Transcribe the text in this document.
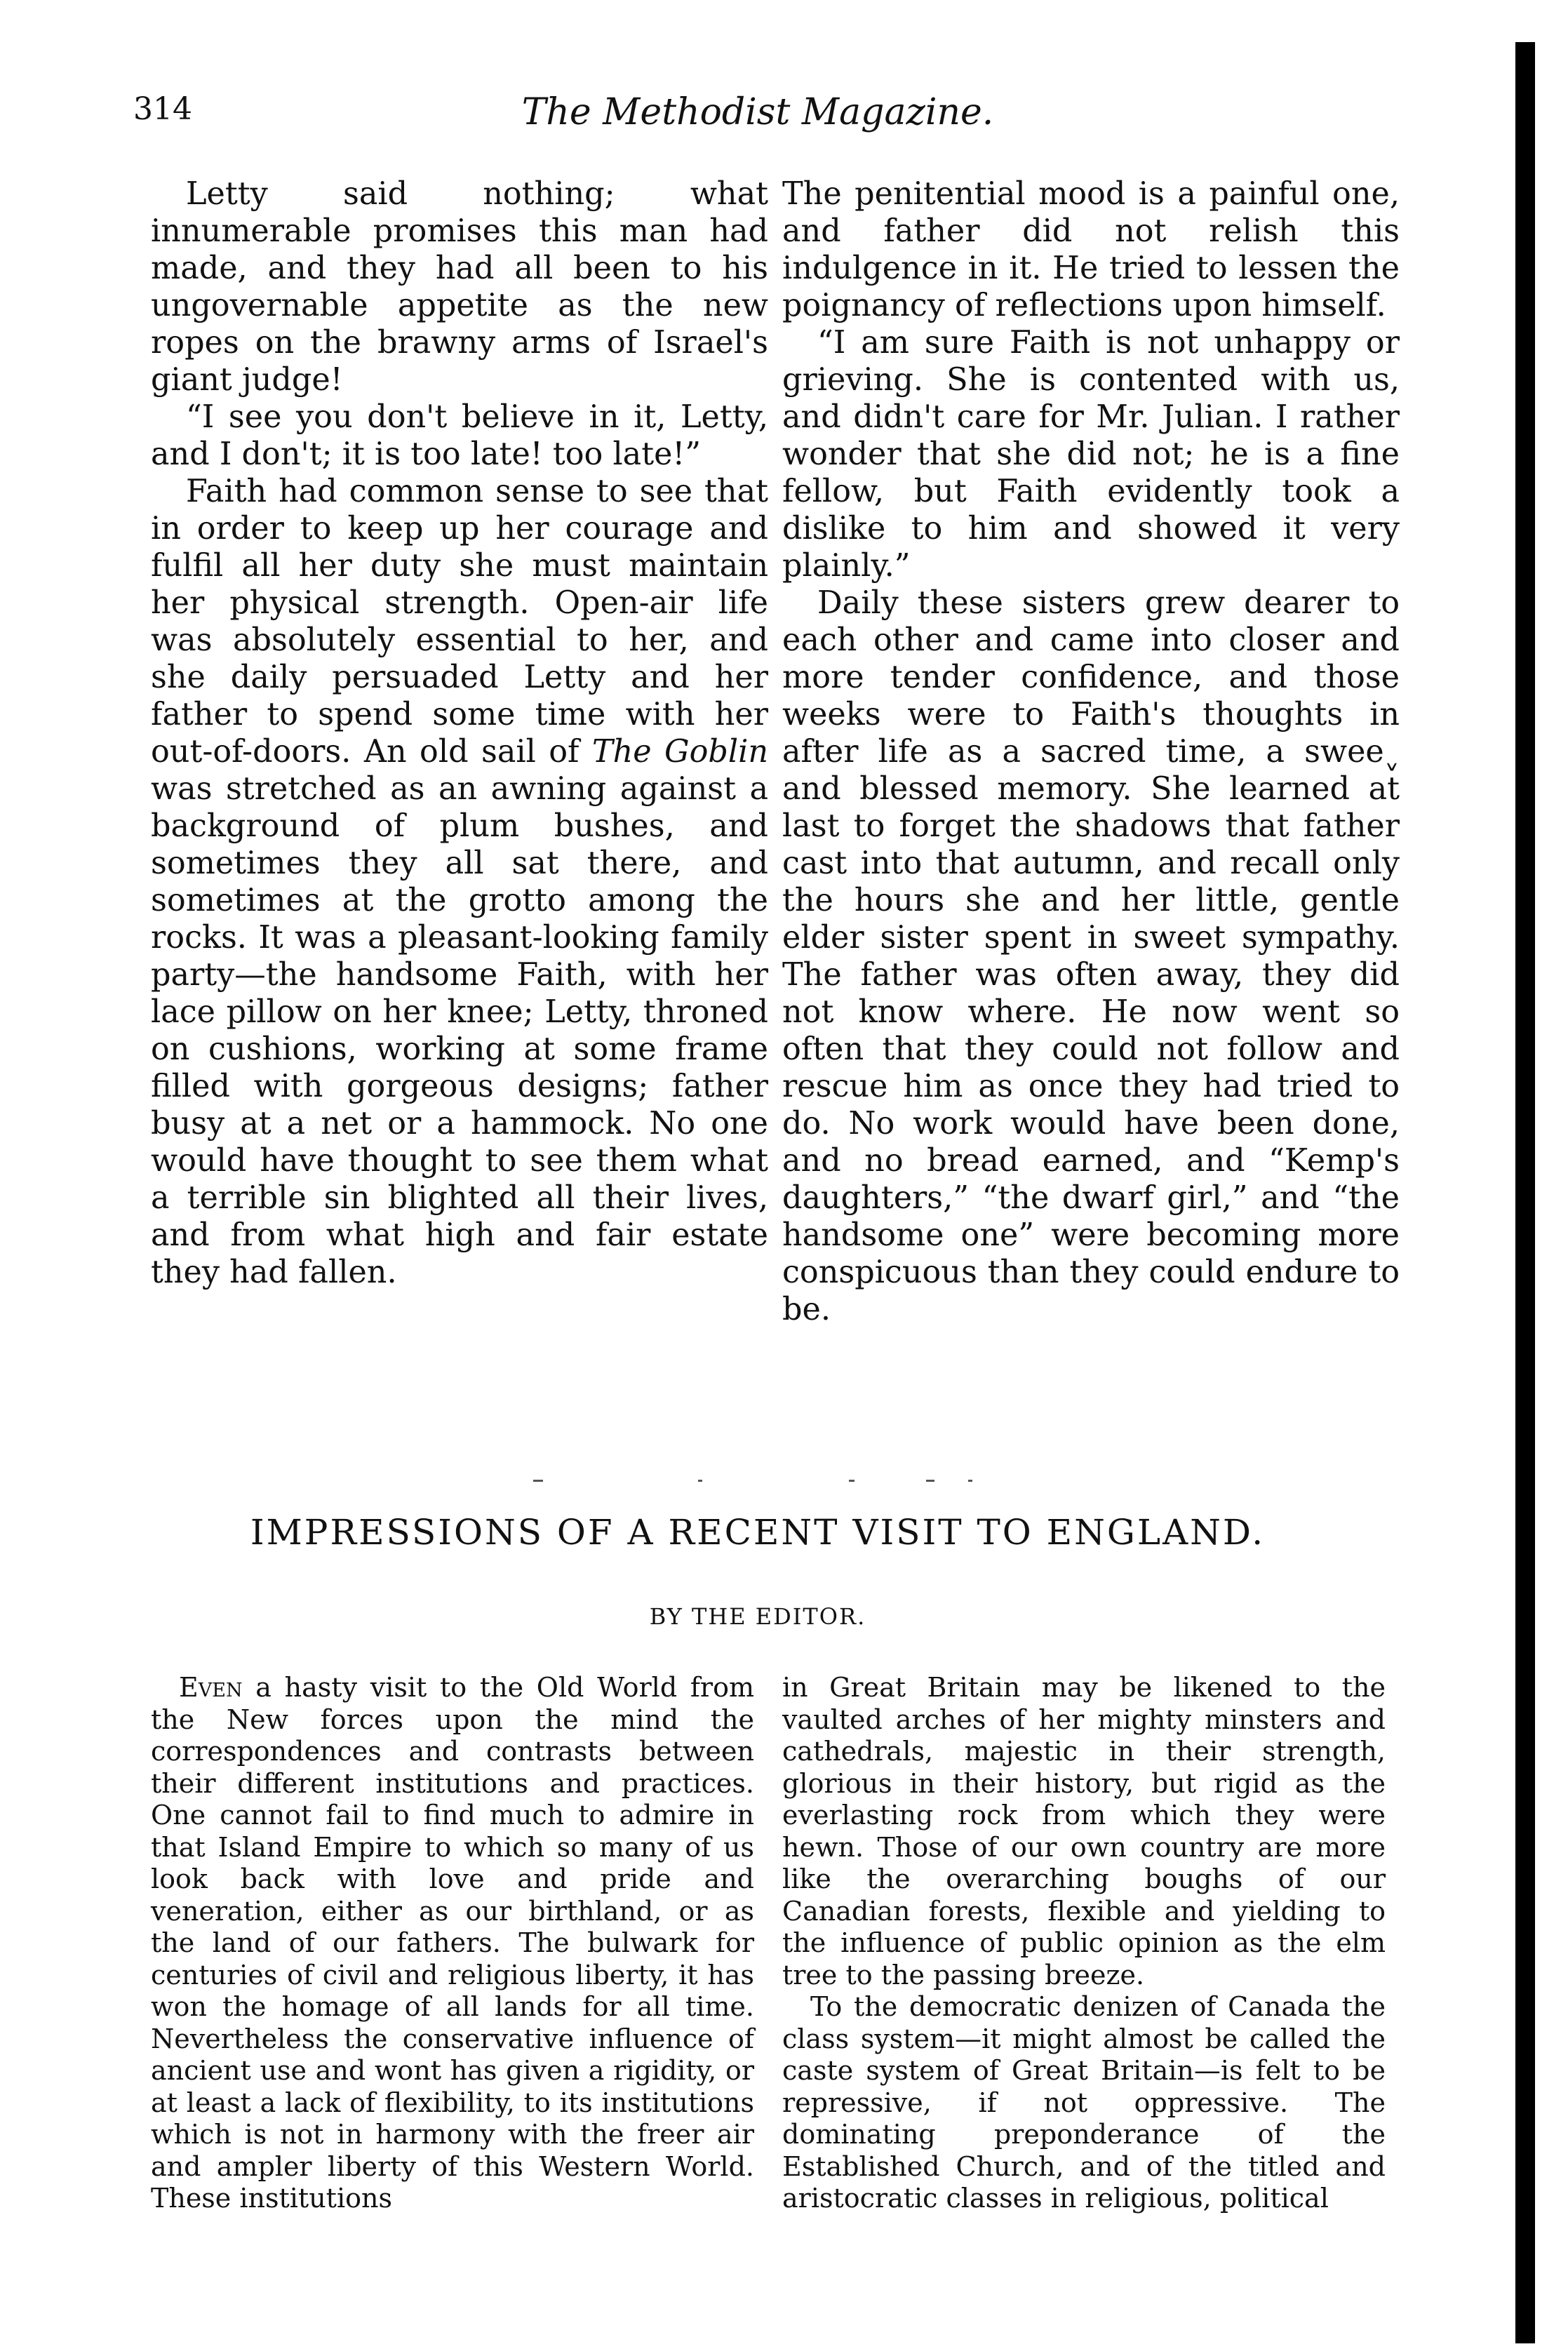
314	The Methodist Magazine.

Letty said nothing; what innumerable promises this man had made, and they had all been to his ungovernable appetite as the new ropes on the brawny arms of Israel's giant judge!

“I see you don't believe in it, Letty, and I don't; it is too late! too late!”

Faith had common sense to see that in order to keep up her courage and fulfil all her duty she must maintain her physical strength. Open-air life was absolutely essential to her, and she daily persuaded Letty and her father to spend some time with her out-of-doors. An old sail of The Goblin was stretched as an awning against a background of plum bushes, and sometimes they all sat there, and sometimes at the grotto among the rocks. It was a pleasant-looking family party—the handsome Faith, with her lace pillow on her knee; Letty, throned on cushions, working at some frame filled with gorgeous designs; father busy at a net or a hammock. No one would have thought to see them what a terrible sin blighted all their lives, and from what high and fair estate they had fallen.

The penitential mood is a painful one, and father did not relish this indulgence in it. He tried to lessen the poignancy of reflections upon himself.

“I am sure Faith is not unhappy or grieving. She is contented with us, and didn't care for Mr. Julian. I rather wonder that she did not; he is a fine fellow, but Faith evidently took a dislike to him and showed it very plainly.”

Daily these sisters grew dearer to each other and came into closer and more tender confidence, and those weeks were to Faith's thoughts in after life as a sacred time, a sweeˬ and blessed memory. She learned at last to forget the shadows that father cast into that autumn, and recall only the hours she and her little, gentle elder sister spent in sweet sympathy. The father was often away, they did not know where. He now went so often that they could not follow and rescue him as once they had tried to do. No work would have been done, and no bread earned, and “Kemp's daughters,” “the dwarf girl,” and “the handsome one” were becoming more conspicuous than they could endure to be.

IMPRESSIONS OF A RECENT VISIT TO ENGLAND.
BY THE EDITOR.

Even a hasty visit to the Old World from the New forces upon the mind the correspondences and contrasts between their different institutions and practices. One cannot fail to find much to admire in that Island Empire to which so many of us look back with love and pride and veneration, either as our birthland, or as the land of our fathers. The bulwark for centuries of civil and religious liberty, it has won the homage of all lands for all time. Nevertheless the conservative influence of ancient use and wont has given a rigidity, or at least a lack of flexibility, to its institutions which is not in harmony with the freer air and ampler liberty of this Western World. These institutions

in Great Britain may be likened to the vaulted arches of her mighty minsters and cathedrals, majestic in their strength, glorious in their history, but rigid as the everlasting rock from which they were hewn. Those of our own country are more like the overarching boughs of our Canadian forests, flexible and yielding to the influence of public opinion as the elm tree to the passing breeze.

To the democratic denizen of Canada the class system—it might almost be called the caste system of Great Britain—is felt to be repressive, if not oppressive. The dominating preponderance of the Established Church, and of the titled and aristocratic classes in religious, political
